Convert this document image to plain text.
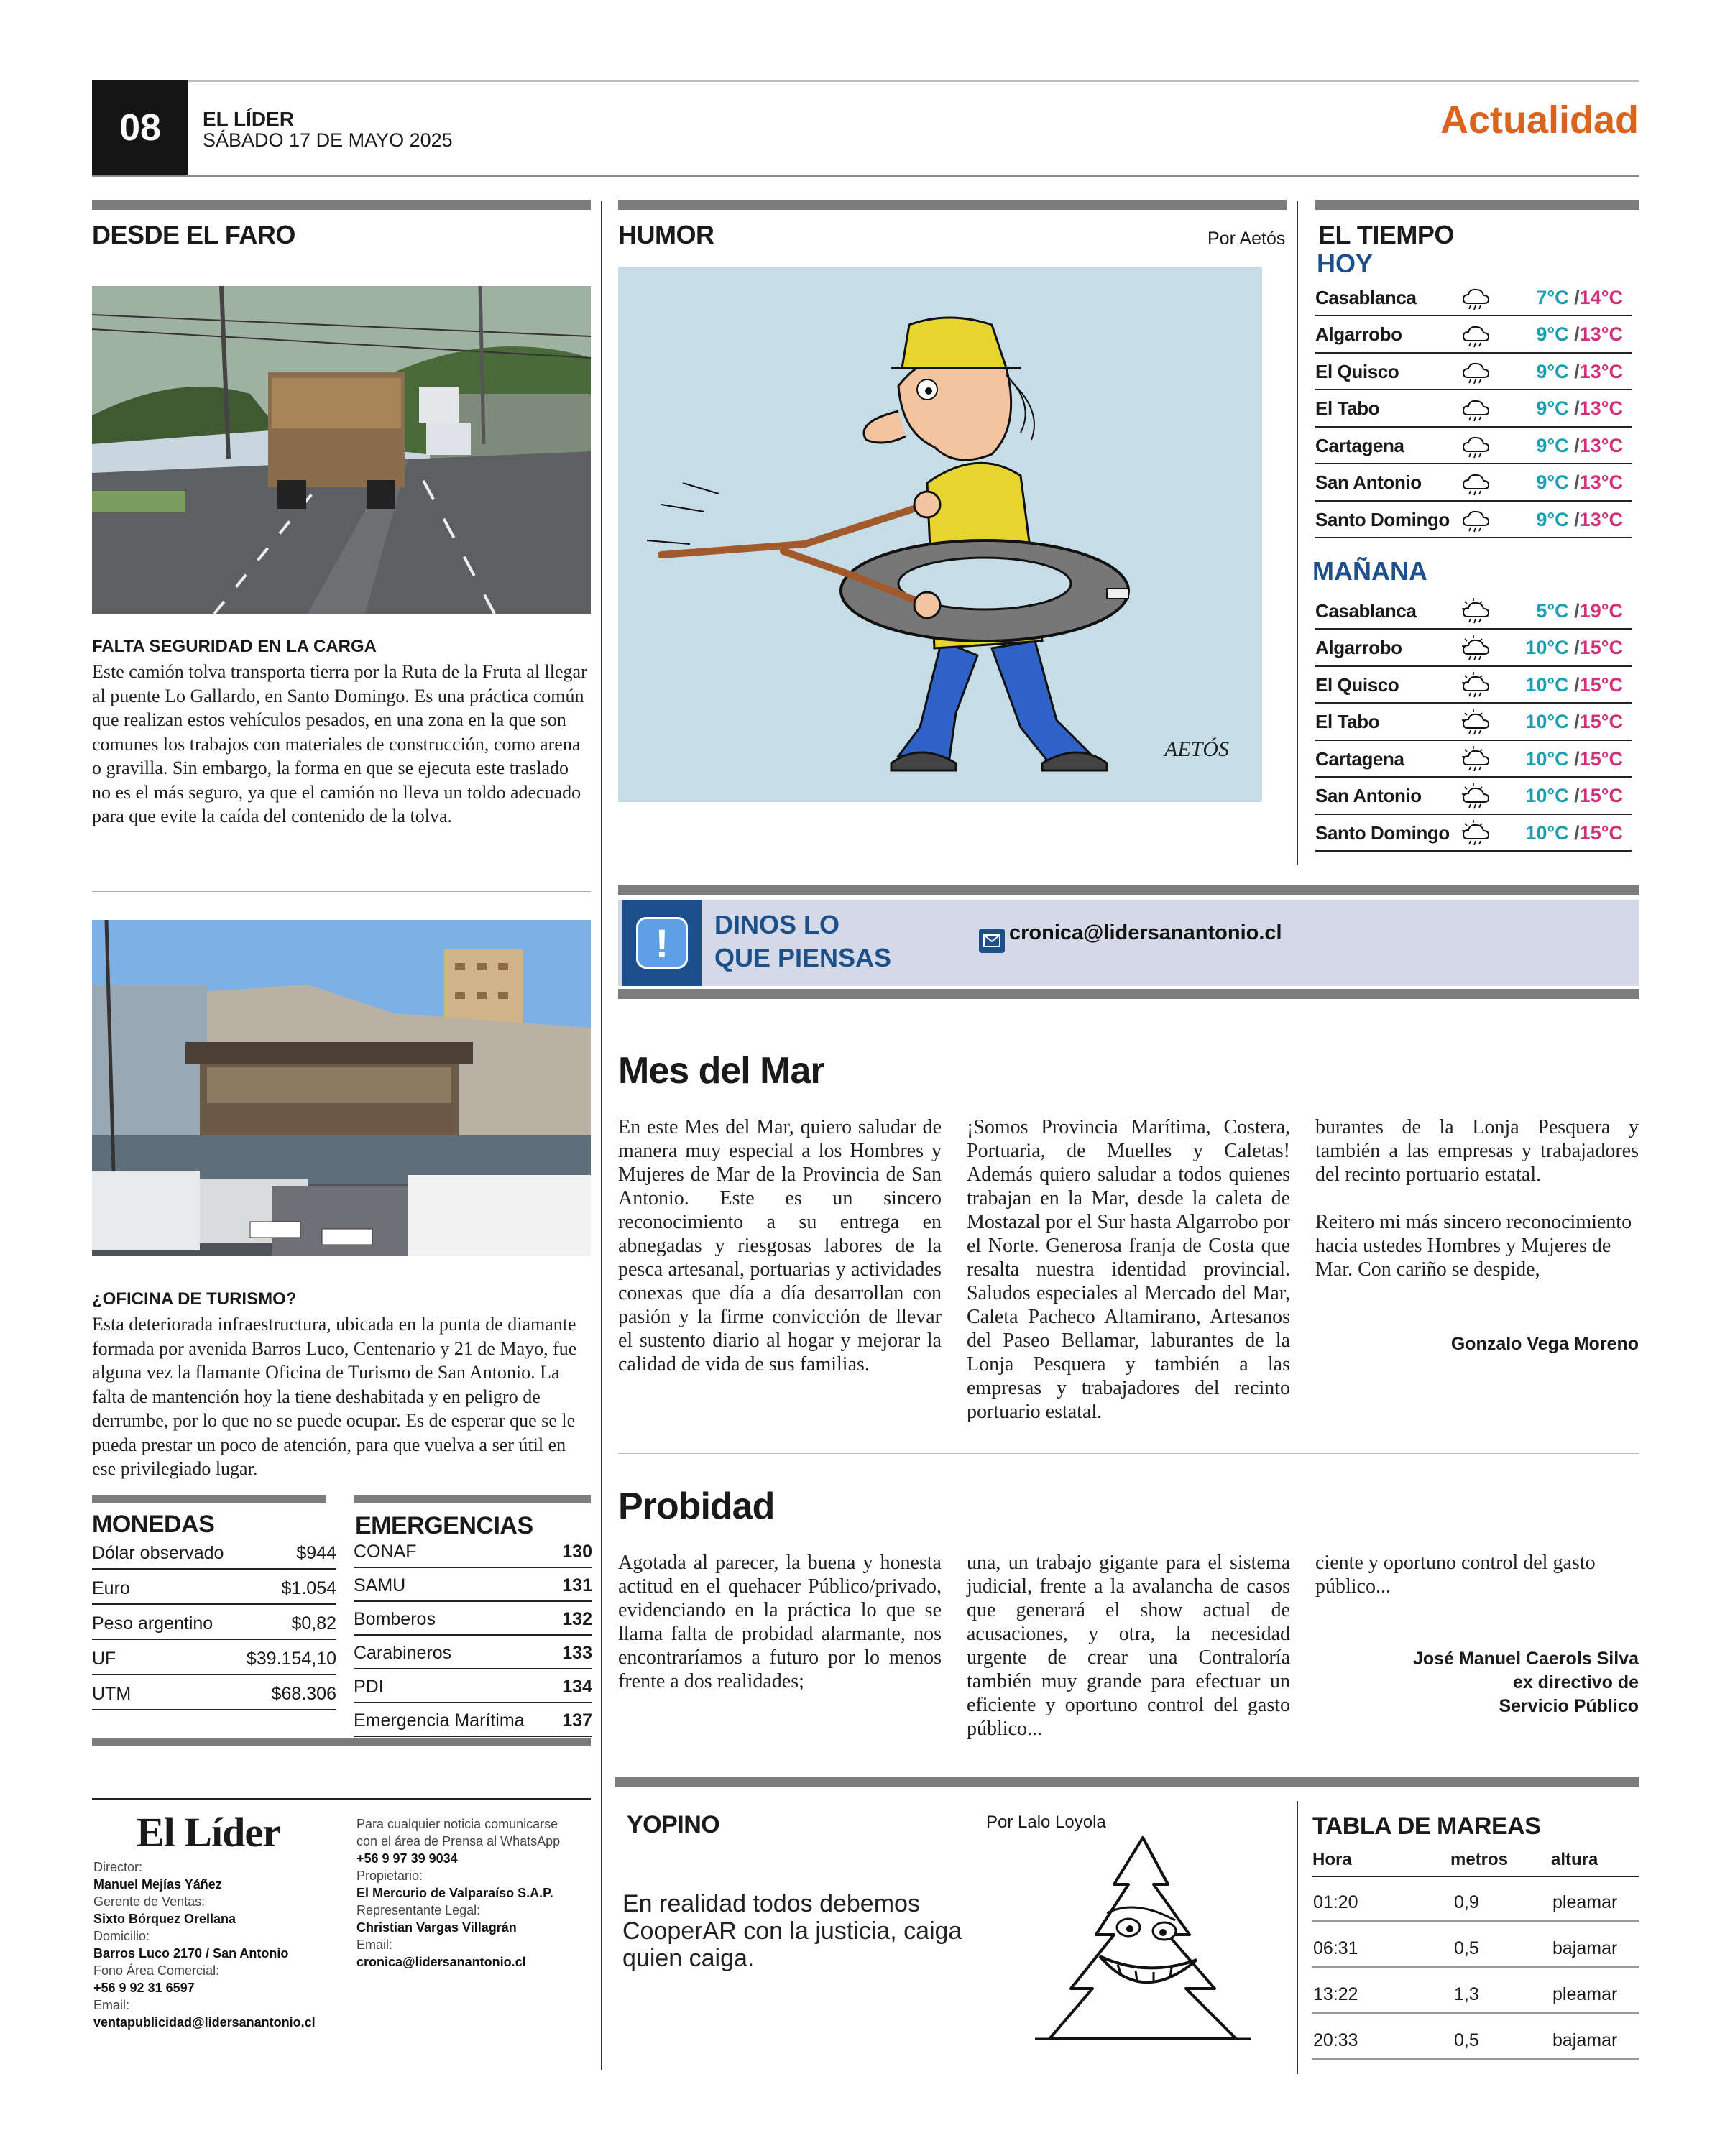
08 EL LÍDER
SÁBADO 17 DE MAYO 2025	Actualidad
DESDE EL FARO
FALTA SEGURIDAD EN LA CARGA
Este camión tolva transporta tierra por la Ruta de la Fruta al llegar al puente Lo Gallardo, en Santo Domingo. Es una práctica común que realizan estos vehículos pesados, en una zona en la que son comunes los trabajos con materiales de construcción, como arena o gravilla. Sin embargo, la forma en que se ejecuta este traslado no es el más seguro, ya que el camión no lleva un toldo adecuado para que evite la caída del contenido de la tolva.
¿OFICINA DE TURISMO?
Esta deteriorada infraestructura, ubicada en la punta de diamante formada por avenida Barros Luco, Centenario y 21 de Mayo, fue alguna vez la flamante Oficina de Turismo de San Antonio. La falta de mantención hoy la tiene deshabitada y en peligro de derrumbe, por lo que no se puede ocupar. Es de esperar que se le pueda prestar un poco de atención, para que vuelva a ser útil en ese privilegiado lugar.
MONEDAS
Dólar observado	$944
Euro	$1.054
Peso argentino	$0,82
UF	$39.154,10
UTM	$68.306
EMERGENCIAS
CONAF	130
SAMU	131
Bomberos	132
Carabineros	133
PDI	134
Emergencia Marítima 137
El Líder
Director:
Manuel Mejías Yáñez
Gerente de Ventas:
Sixto Bórquez Orellana
Domicilio:
Barros Luco 2170 / San Antonio
Fono Área Comercial:
+56 9 92 31 6597
Email:
ventapublicidad@lidersanantonio.cl
Para cualquier noticia comunicarse
con el área de Prensa al WhatsApp
+56 9 97 39 9034
Propietario:
El Mercurio de Valparaíso S.A.P.
Representante Legal:
Christian Vargas Villagrán
Email:
cronica@lidersanantonio.cl
HUMOR	Por Aetós
AETÓS
EL TIEMPO
HOY
Casablanca	7°C /14°C
Algarrobo	9°C /13°C
El Quisco	9°C /13°C
El Tabo	9°C /13°C
Cartagena	9°C /13°C
San Antonio	9°C /13°C
Santo Domingo	9°C /13°C
MAÑANA
Casablanca	5°C /19°C
Algarrobo	10°C /15°C
El Quisco	10°C /15°C
El Tabo	10°C /15°C
Cartagena	10°C /15°C
San Antonio	10°C /15°C
Santo Domingo	10°C /15°C
!	DINOS LO
QUE PIENSAS
cronica@lidersanantonio.cl
Mes del Mar
En este Mes del Mar, quiero saludar de manera muy especial a los Hombres y Mujeres de Mar de la Provincia de San Antonio. Este es un sincero reconocimiento a su entrega en abnegadas y riesgosas labores de la pesca artesanal, portuarias y actividades conexas que día a día desarrollan con pasión y la firme convicción de llevar el sustento diario al hogar y mejorar la calidad de vida de sus familias.
¡Somos Provincia Marítima, Costera, Portuaria, de Muelles y Caletas! Además quiero saludar a todos quienes trabajan en la Mar, desde la caleta de Mostazal por el Sur hasta Algarrobo por el Norte. Generosa franja de Costa que resalta nuestra identidad provincial. Saludos especiales al Mercado del Mar, Caleta Pacheco Altamirano, Artesanos del Paseo Bellamar, laburantes de la Lonja Pesquera y también a las empresas y trabajadores del recinto portuario estatal.
burantes de la Lonja Pesquera y también a las empresas y trabajadores del recinto portuario estatal.
Reitero mi más sincero reconocimiento hacia ustedes Hombres y Mujeres de Mar. Con cariño se despide,
Gonzalo Vega Moreno
Probidad
Agotada al parecer, la buena y honesta actitud en el quehacer Público/privado, evidenciando en la práctica lo que se llama falta de probidad alarmante, nos encontraríamos a futuro por lo menos frente a dos realidades;
una, un trabajo gigante para el sistema judicial, frente a la avalancha de casos que generará el show actual de acusaciones, y otra, la necesidad urgente de crear una Contraloría también muy grande para efectuar un eficiente y oportuno control del gasto público...
ciente y oportuno control del gasto público...
José Manuel Caerols Silva
ex directivo de
Servicio Público
YOPINO	Por Lalo Loyola
En realidad todos debemos CooperAR con la justicia, caiga quien caiga.
TABLA DE MAREAS
Hora	metros altura
01:20	0,9	pleamar
06:31	0,5	bajamar
13:22	1,3	pleamar
20:33	0,5	bajamar
